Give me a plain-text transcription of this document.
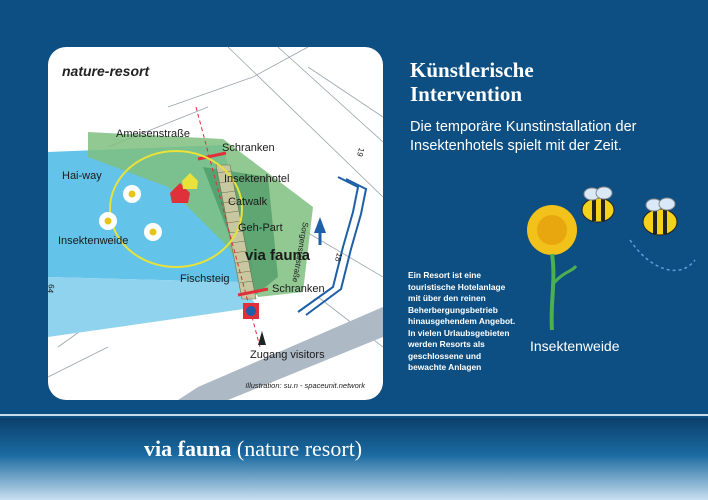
nature-resort
Ameisenstraße
Schranken
Hai-way	Insektenhotel
Catwalk
Insektenweide
Geh-Part
via fauna
Fischsteig
Schranken
Zugang visitors
Sorgenstalstraße
19
18
64
Illustration: su.n - spaceunit.network
Künstlerische
Intervention
Die temporäre Kunstinstallation der Insektenhotels spielt mit der Zeit.
Ein Resort ist eine touristische Hotelanlage mit über den reinen Beherbergungsbetrieb hinausgehendem Angebot. In vielen Urlaubsgebieten werden Resorts als geschlossene und bewachte Anlagen
Insektenweide
via fauna (nature resort)
